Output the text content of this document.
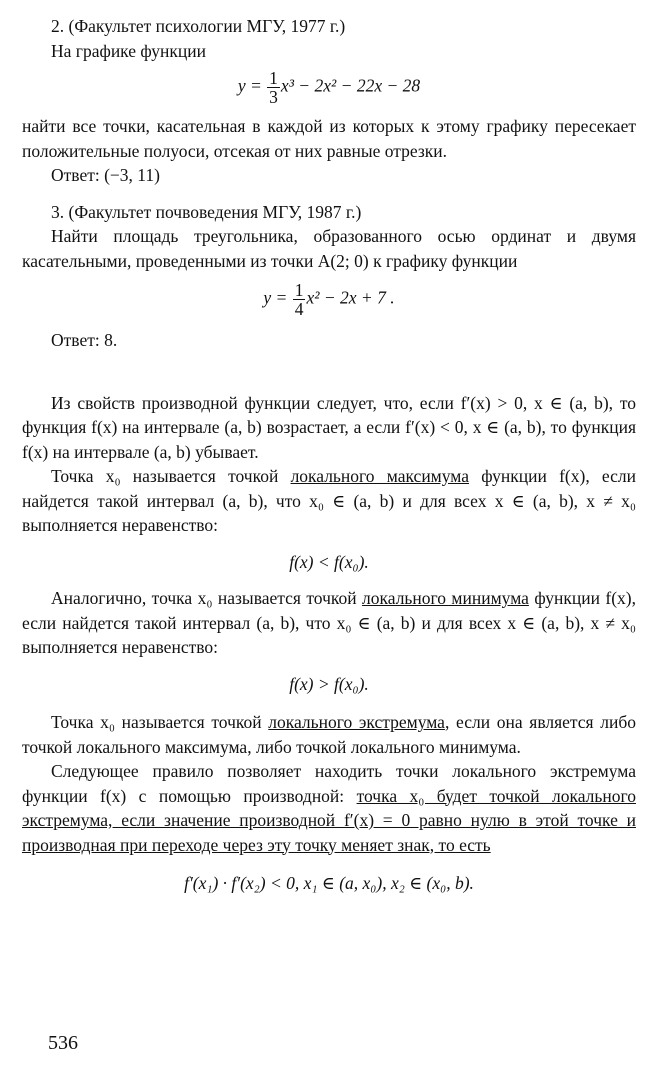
2. (Факультет психологии МГУ, 1977 г.)

На графике функции

$y = \frac{1}{3} x^3 - 2x^2 - 22x - 28$

найти все точки, касательная в каждой из которых к этому графику пересекает положительные полуоси, отсекая от них равные отрезки.

Ответ: (−3, 11)

3. (Факультет почвоведения МГУ, 1987 г.)

Найти площадь треугольника, образованного осью ординат и двумя касательными, проведенными из точки A(2; 0) к графику функции

$y = \frac{1}{4} x^2 - 2x + 7$ .

Ответ: 8.

Из свойств производной функции следует, что, если f′(x) > 0, x ∈ (a, b), то функция f(x) на интервале (a, b) возрастает, а если f′(x) < 0, x ∈ (a, b), то функция f(x) на интервале (a, b) убывает.

Точка x₀ называется точкой локального максимума функции f(x), если найдется такой интервал (a, b), что x₀ ∈ (a, b) и для всех x ∈ (a, b), x ≠ x₀ выполняется неравенство:

f(x) < f(x₀).

Аналогично, точка x₀ называется точкой локального минимума функции f(x), если найдется такой интервал (a, b), что x₀ ∈ (a, b) и для всех x ∈ (a, b), x ≠ x₀ выполняется неравенство:

f(x) > f(x₀).

Точка x₀ называется точкой локального экстремума, если она является либо точкой локального максимума, либо точкой локального минимума.

Следующее правило позволяет находить точки локального экстремума функции f(x) с помощью производной: точка x₀ будет точкой локального экстремума, если значение производной f′(x) = 0 равно нулю в этой точке и производная при переходе через эту точку меняет знак, то есть

f′(x₁) · f′(x₂) < 0, x₁ ∈ (a, x₀), x₂ ∈ (x₀, b).

536
